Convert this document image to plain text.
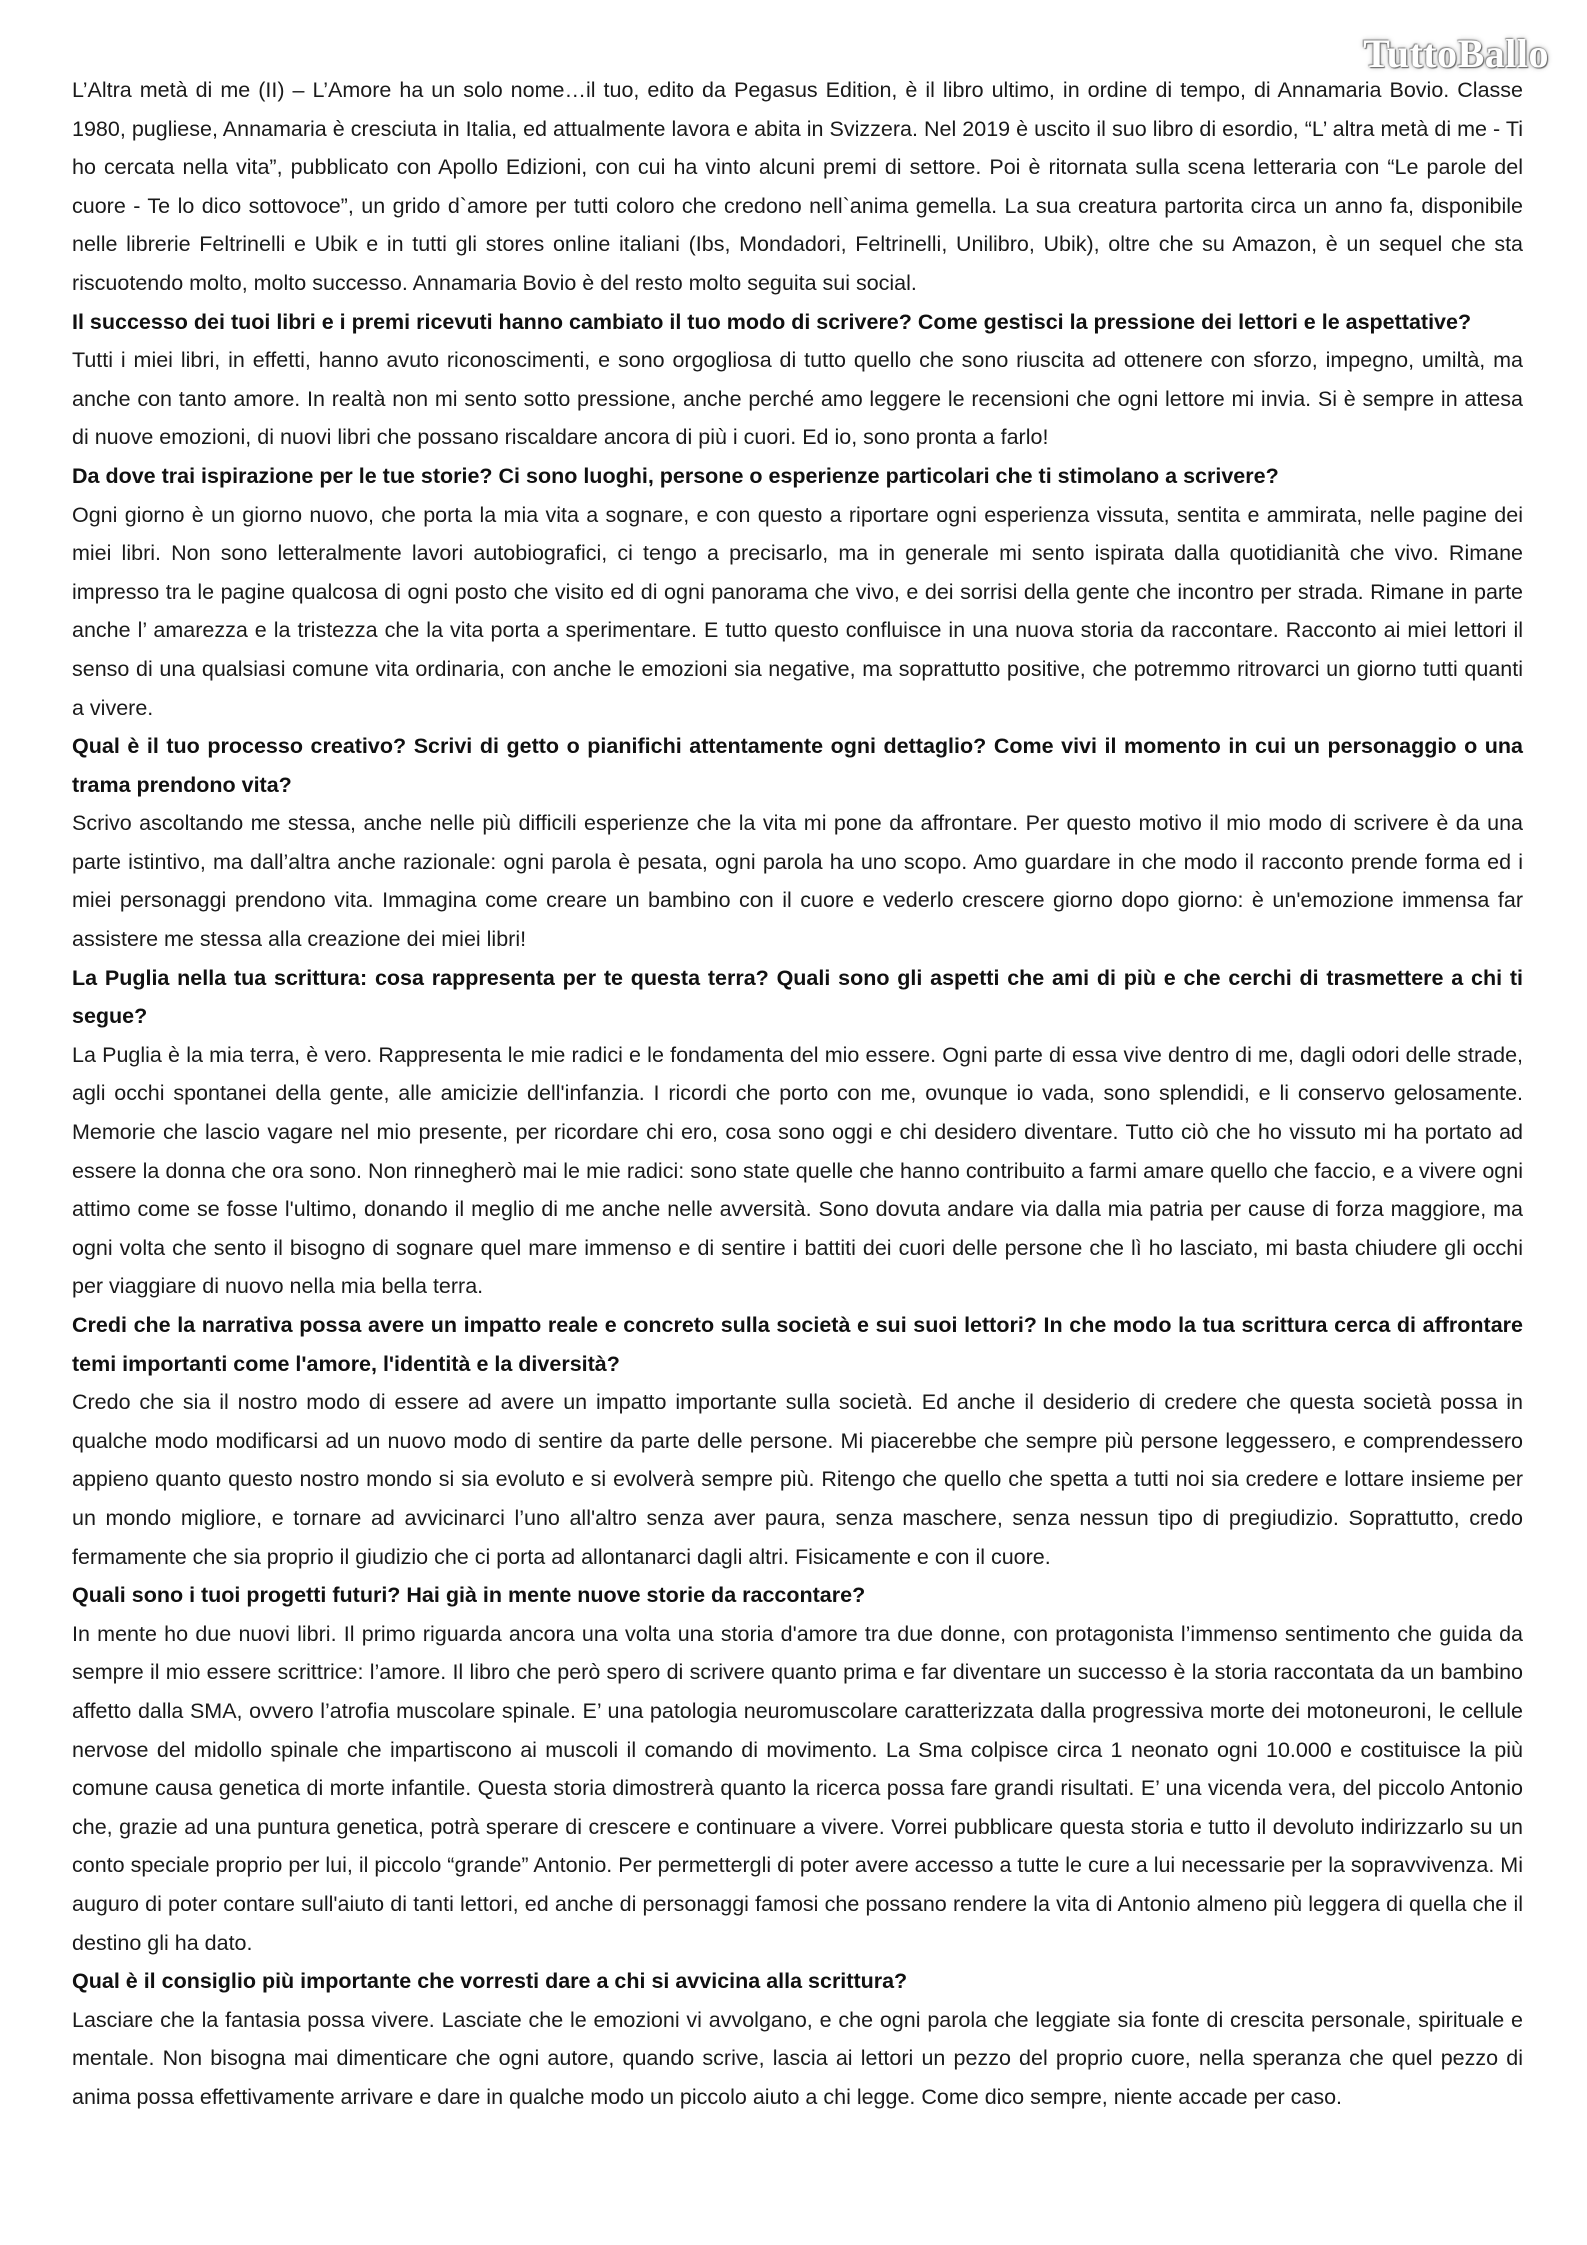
TuttoBallo

L’Altra metà di me (II) – L’Amore ha un solo nome…il tuo, edito da Pegasus Edition, è il libro ultimo, in ordine di tempo, di Annamaria Bovio. Classe 1980, pugliese, Annamaria è cresciuta in Italia, ed attualmente lavora e abita in Svizzera. Nel 2019 è uscito il suo libro di esordio, “L’ altra metà di me - Ti ho cercata nella vita”, pubblicato con Apollo Edizioni, con cui ha vinto alcuni premi di settore. Poi è ritornata sulla scena letteraria con “Le parole del cuore - Te lo dico sottovoce”, un grido d`amore per tutti coloro che credono nell`anima gemella. La sua creatura partorita circa un anno fa, disponibile nelle librerie Feltrinelli e Ubik e in tutti gli stores online italiani (Ibs, Mondadori, Feltrinelli, Unilibro, Ubik), oltre che su Amazon, è un sequel che sta riscuotendo molto, molto successo. Annamaria Bovio è del resto molto seguita sui social.

Il successo dei tuoi libri e i premi ricevuti hanno cambiato il tuo modo di scrivere? Come gestisci la pressione dei lettori e le aspettative?

Tutti i miei libri, in effetti, hanno avuto riconoscimenti, e sono orgogliosa di tutto quello che sono riuscita ad ottenere con sforzo, impegno, umiltà, ma anche con tanto amore. In realtà non mi sento sotto pressione, anche perché amo leggere le recensioni che ogni lettore mi invia. Si è sempre in attesa di nuove emozioni, di nuovi libri che possano riscaldare ancora di più i cuori. Ed io, sono pronta a farlo!

Da dove trai ispirazione per le tue storie? Ci sono luoghi, persone o esperienze particolari che ti stimolano a scrivere?

Ogni giorno è un giorno nuovo, che porta la mia vita a sognare, e con questo a riportare ogni esperienza vissuta, sentita e ammirata, nelle pagine dei miei libri. Non sono letteralmente lavori autobiografici, ci tengo a precisarlo, ma in generale mi sento ispirata dalla quotidianità che vivo. Rimane impresso tra le pagine qualcosa di ogni posto che visito ed di ogni panorama che vivo, e dei sorrisi della gente che incontro per strada. Rimane in parte anche l’ amarezza e la tristezza che la vita porta a sperimentare. E tutto questo confluisce in una nuova storia da raccontare. Racconto ai miei lettori il senso di una qualsiasi comune vita ordinaria, con anche le emozioni sia negative, ma soprattutto positive, che potremmo ritrovarci un giorno tutti quanti a vivere.

Qual è il tuo processo creativo? Scrivi di getto o pianifichi attentamente ogni dettaglio? Come vivi il momento in cui un personaggio o una trama prendono vita?

Scrivo ascoltando me stessa, anche nelle più difficili esperienze che la vita mi pone da affrontare. Per questo motivo il mio modo di scrivere è da una parte istintivo, ma dall’altra anche razionale: ogni parola è pesata, ogni parola ha uno scopo. Amo guardare in che modo il racconto prende forma ed i miei personaggi prendono vita. Immagina come creare un bambino con il cuore e vederlo crescere giorno dopo giorno: è un'emozione immensa far assistere me stessa alla creazione dei miei libri!

La Puglia nella tua scrittura: cosa rappresenta per te questa terra? Quali sono gli aspetti che ami di più e che cerchi di trasmettere a chi ti segue?

La Puglia è la mia terra, è vero. Rappresenta le mie radici e le fondamenta del mio essere. Ogni parte di essa vive dentro di me, dagli odori delle strade, agli occhi spontanei della gente, alle amicizie dell'infanzia. I ricordi che porto con me, ovunque io vada, sono splendidi, e li conservo gelosamente. Memorie che lascio vagare nel mio presente, per ricordare chi ero, cosa sono oggi e chi desidero diventare. Tutto ciò che ho vissuto mi ha portato ad essere la donna che ora sono. Non rinnegherò mai le mie radici: sono state quelle che hanno contribuito a farmi amare quello che faccio, e a vivere ogni attimo come se fosse l'ultimo, donando il meglio di me anche nelle avversità. Sono dovuta andare via dalla mia patria per cause di forza maggiore, ma ogni volta che sento il bisogno di sognare quel mare immenso e di sentire i battiti dei cuori delle persone che lì ho lasciato, mi basta chiudere gli occhi per viaggiare di nuovo nella mia bella terra.

Credi che la narrativa possa avere un impatto reale e concreto sulla società e sui suoi lettori? In che modo la tua scrittura cerca di affrontare temi importanti come l'amore, l'identità e la diversità?

Credo che sia il nostro modo di essere ad avere un impatto importante sulla società. Ed anche il desiderio di credere che questa società possa in qualche modo modificarsi ad un nuovo modo di sentire da parte delle persone. Mi piacerebbe che sempre più persone leggessero, e comprendessero appieno quanto questo nostro mondo si sia evoluto e si evolverà sempre più. Ritengo che quello che spetta a tutti noi sia credere e lottare insieme per un mondo migliore, e tornare ad avvicinarci l’uno all'altro senza aver paura, senza maschere, senza nessun tipo di pregiudizio. Soprattutto, credo fermamente che sia proprio il giudizio che ci porta ad allontanarci dagli altri. Fisicamente e con il cuore.

Quali sono i tuoi progetti futuri? Hai già in mente nuove storie da raccontare?

In mente ho due nuovi libri. Il primo riguarda ancora una volta una storia d'amore tra due donne, con protagonista l’immenso sentimento che guida da sempre il mio essere scrittrice: l’amore. Il libro che però spero di scrivere quanto prima e far diventare un successo è la storia raccontata da un bambino affetto dalla SMA, ovvero l’atrofia muscolare spinale. E’ una patologia neuromuscolare caratterizzata dalla progressiva morte dei motoneuroni, le cellule nervose del midollo spinale che impartiscono ai muscoli il comando di movimento. La Sma colpisce circa 1 neonato ogni 10.000 e costituisce la più comune causa genetica di morte infantile. Questa storia dimostrerà quanto la ricerca possa fare grandi risultati. E’ una vicenda vera, del piccolo Antonio che, grazie ad una puntura genetica, potrà sperare di crescere e continuare a vivere. Vorrei pubblicare questa storia e tutto il devoluto indirizzarlo su un conto speciale proprio per lui, il piccolo “grande” Antonio. Per permettergli di poter avere accesso a tutte le cure a lui necessarie per la sopravvivenza. Mi auguro di poter contare sull'aiuto di tanti lettori, ed anche di personaggi famosi che possano rendere la vita di Antonio almeno più leggera di quella che il destino gli ha dato.

Qual è il consiglio più importante che vorresti dare a chi si avvicina alla scrittura?

Lasciare che la fantasia possa vivere. Lasciate che le emozioni vi avvolgano, e che ogni parola che leggiate sia fonte di crescita personale, spirituale e mentale. Non bisogna mai dimenticare che ogni autore, quando scrive, lascia ai lettori un pezzo del proprio cuore, nella speranza che quel pezzo di anima possa effettivamente arrivare e dare in qualche modo un piccolo aiuto a chi legge. Come dico sempre, niente accade per caso.
